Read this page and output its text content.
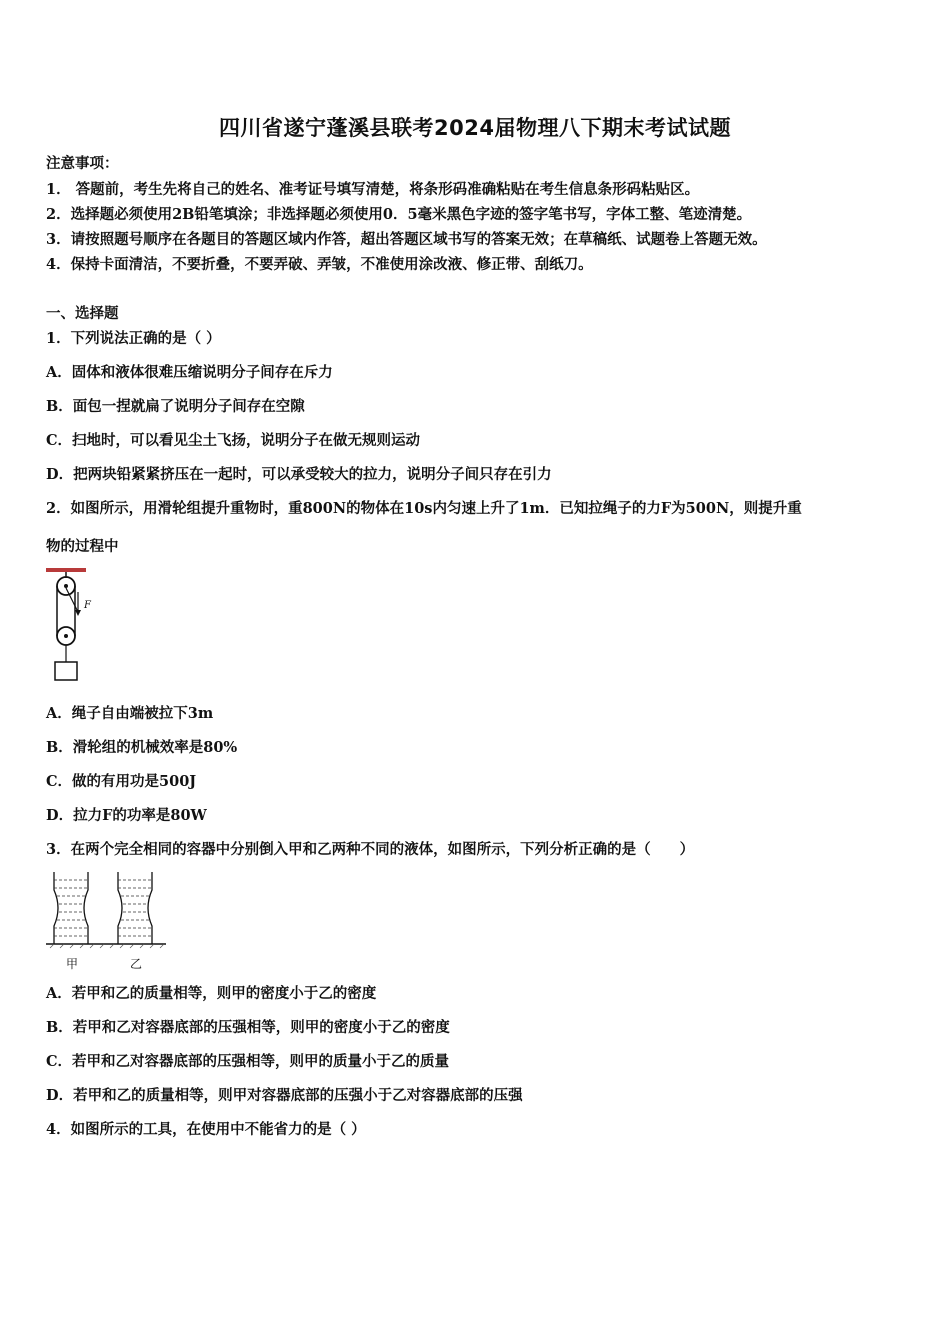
四川省遂宁蓬溪县联考2024届物理八下期末考试试题
注意事项：
1． 答题前，考生先将自己的姓名、准考证号填写清楚，将条形码准确粘贴在考生信息条形码粘贴区。
2．选择题必须使用2B铅笔填涂；非选择题必须使用0．5毫米黑色字迹的签字笔书写，字体工整、笔迹清楚。
3．请按照题号顺序在各题目的答题区域内作答，超出答题区域书写的答案无效；在草稿纸、试题卷上答题无效。
4．保持卡面清洁，不要折叠，不要弄破、弄皱，不准使用涂改液、修正带、刮纸刀。
一、选择题
1．下列说法正确的是（ ）
A．固体和液体很难压缩说明分子间存在斥力
B．面包一捏就扁了说明分子间存在空隙
C．扫地时，可以看见尘土飞扬，说明分子在做无规则运动
D．把两块铅紧紧挤压在一起时，可以承受较大的拉力，说明分子间只存在引力
2．如图所示，用滑轮组提升重物时，重800N的物体在10s内匀速上升了1m．已知拉绳子的力F为500N，则提升重
物的过程中
F
A．绳子自由端被拉下3m
B．滑轮组的机械效率是80%
C．做的有用功是500J
D．拉力F的功率是80W
3．在两个完全相同的容器中分别倒入甲和乙两种不同的液体，如图所示，下列分析正确的是（　　）
甲	乙
A．若甲和乙的质量相等，则甲的密度小于乙的密度
B．若甲和乙对容器底部的压强相等，则甲的密度小于乙的密度
C．若甲和乙对容器底部的压强相等，则甲的质量小于乙的质量
D．若甲和乙的质量相等，则甲对容器底部的压强小于乙对容器底部的压强
4．如图所示的工具，在使用中不能省力的是（ ）
